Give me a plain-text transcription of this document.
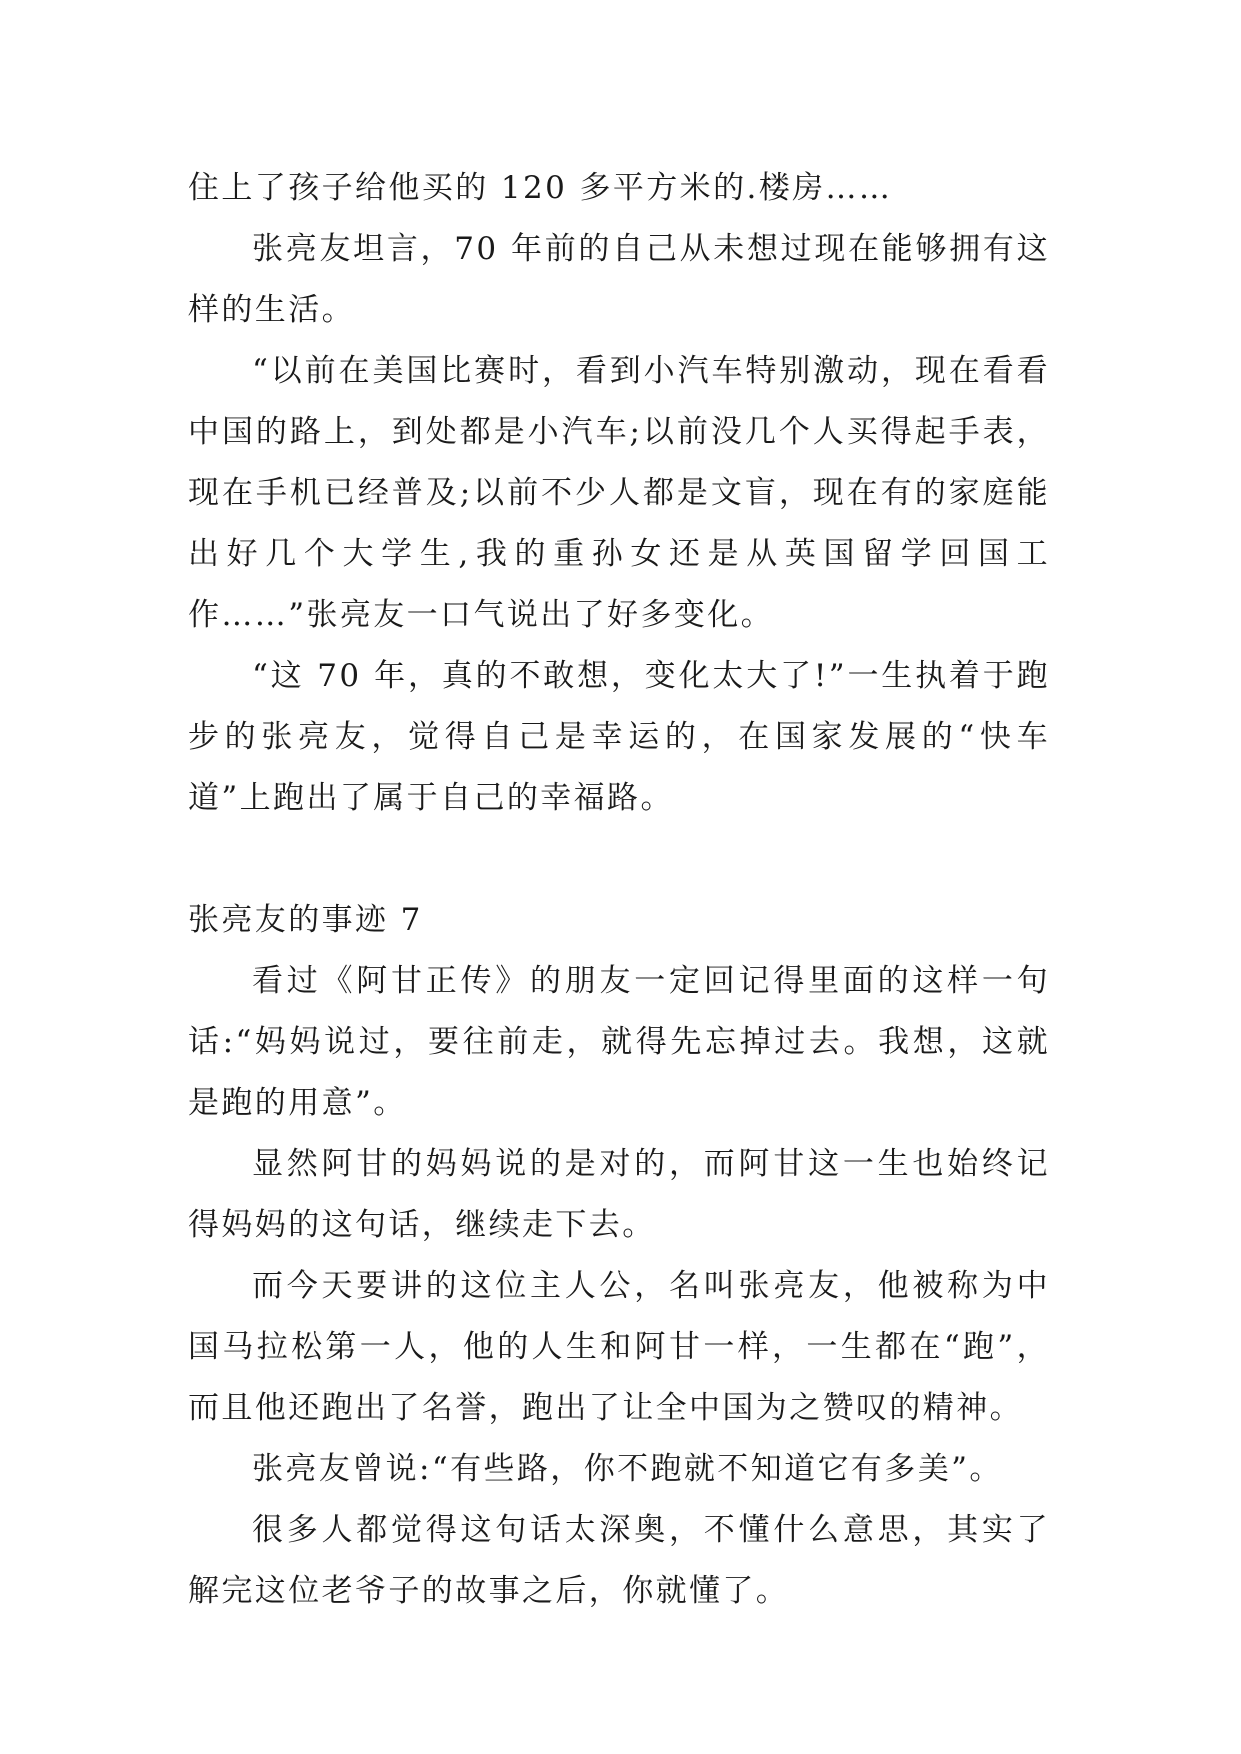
住上了孩子给他买的 120 多平方米的.楼房……

张亮友坦言，70 年前的自己从未想过现在能够拥有这样的生活。

“以前在美国比赛时，看到小汽车特别激动，现在看看中国的路上，到处都是小汽车;以前没几个人买得起手表，现在手机已经普及;以前不少人都是文盲，现在有的家庭能出好几个大学生,我的重孙女还是从英国留学回国工作……”张亮友一口气说出了好多变化。

“这 70 年，真的不敢想，变化太大了!”一生执着于跑步的张亮友，觉得自己是幸运的，在国家发展的“快车道”上跑出了属于自己的幸福路。

张亮友的事迹 7

看过《阿甘正传》的朋友一定回记得里面的这样一句话:“妈妈说过，要往前走，就得先忘掉过去。我想，这就是跑的用意”。

显然阿甘的妈妈说的是对的，而阿甘这一生也始终记得妈妈的这句话，继续走下去。

而今天要讲的这位主人公，名叫张亮友，他被称为中国马拉松第一人，他的人生和阿甘一样，一生都在“跑”，而且他还跑出了名誉，跑出了让全中国为之赞叹的精神。

张亮友曾说:“有些路，你不跑就不知道它有多美”。

很多人都觉得这句话太深奥，不懂什么意思，其实了解完这位老爷子的故事之后，你就懂了。
